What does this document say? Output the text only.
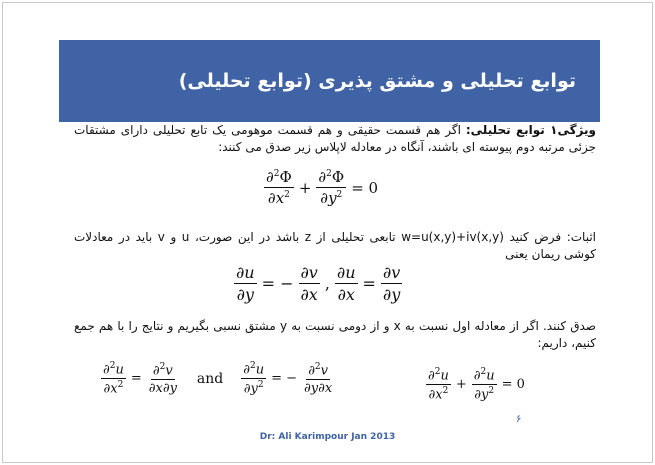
توابع تحلیلی و مشتق پذیری (توابع تحلیلی)
ویژگی۱ توابع تحلیلی: اگر هم قسمت حقیقی و هم قسمت موهومی یک تابع تحلیلی دارای مشتقات جزئی مرتبه دوم پیوسته ای باشند، آنگاه در معادله لاپلاس زیر صدق می کنند:
$\frac{\partial^2\Phi}{\partial x^2} + \frac{\partial^2\Phi}{\partial y^2} = 0$
اثبات: فرض کنید w=u(x,y)+iv(x,y) تابعی تحلیلی از z باشد در این صورت، u و v باید در معادلات کوشی ریمان یعنی
$\frac{\partial u}{\partial y}$ = − $\frac{\partial v}{\partial x}$ , $\frac{\partial u}{\partial x} = \frac{\partial v}{\partial y}$
صدق کنند. اگر از معادله اول نسبت به x و از دومی نسبت به y مشتق نسبی بگیریم و نتایج را با هم جمع کنیم، داریم:
$\frac{\partial^2u}{\partial x^2} = \frac{\partial^2v}{\partial x\partial y}$ and $\frac{\partial^2u}{\partial y^2}$ = − $\frac{\partial^2v}{\partial y\partial x}$	$\frac{\partial^2u}{\partial x^2} + \frac{\partial^2u}{\partial y^2} = 0$
۶
Dr: Ali Karimpour Jan 2013
